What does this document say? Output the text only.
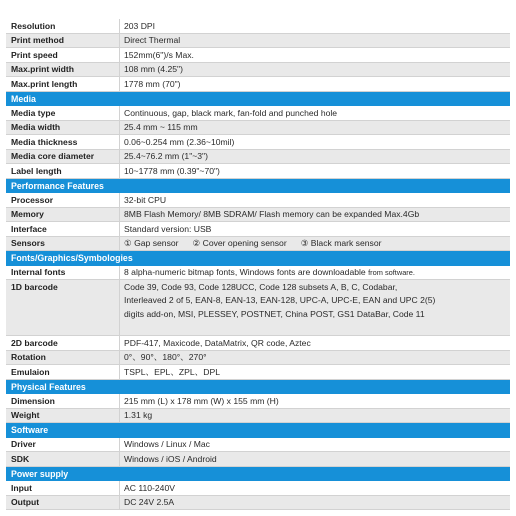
Resolution	203 DPI
Print method	Direct Thermal
Print speed	152mm(6")/s Max.
Max.print width	108 mm (4.25")
Max.print length	1778 mm (70")
Media
Media type	Continuous, gap, black mark, fan-fold and punched hole
Media width	25.4 mm ~ 115 mm
Media thickness	0.06~0.254 mm (2.36~10mil)
Media core diameter	25.4~76.2 mm (1"~3")
Label length	10~1778 mm (0.39"~70")
Performance Features
Processor	32-bit CPU
Memory	8MB Flash Memory/ 8MB SDRAM/ Flash memory can be expanded Max.4Gb
Interface	Standard version: USB
Sensors	① Gap sensor ② Cover opening sensor ③ Black mark sensor
Fonts/Graphics/Symbologies
Internal fonts	8 alpha-numeric bitmap fonts, Windows fonts are downloadable
from software.
1D barcode	Code 39, Code 93, Code 128UCC, Code 128 subsets A, B, C, Codabar,
Interleaved 2 of 5, EAN-8, EAN-13, EAN-128, UPC-A, UPC-E, EAN and UPC 2(5)
digits add-on, MSI, PLESSEY, POSTNET, China POST, GS1 DataBar, Code 11
2D barcode	PDF-417, Maxicode, DataMatrix, QR code, Aztec
Rotation	0°、90°、180°、270°
Emulaion	TSPL、EPL、ZPL、DPL
Physical Features
Dimension	215 mm (L) x 178 mm (W) x 155 mm (H)
Weight	1.31 kg
Software
Driver	Windows / Linux / Mac
SDK	Windows / iOS / Android
Power supply
Input	AC 110-240V
Output	DC 24V 2.5A
